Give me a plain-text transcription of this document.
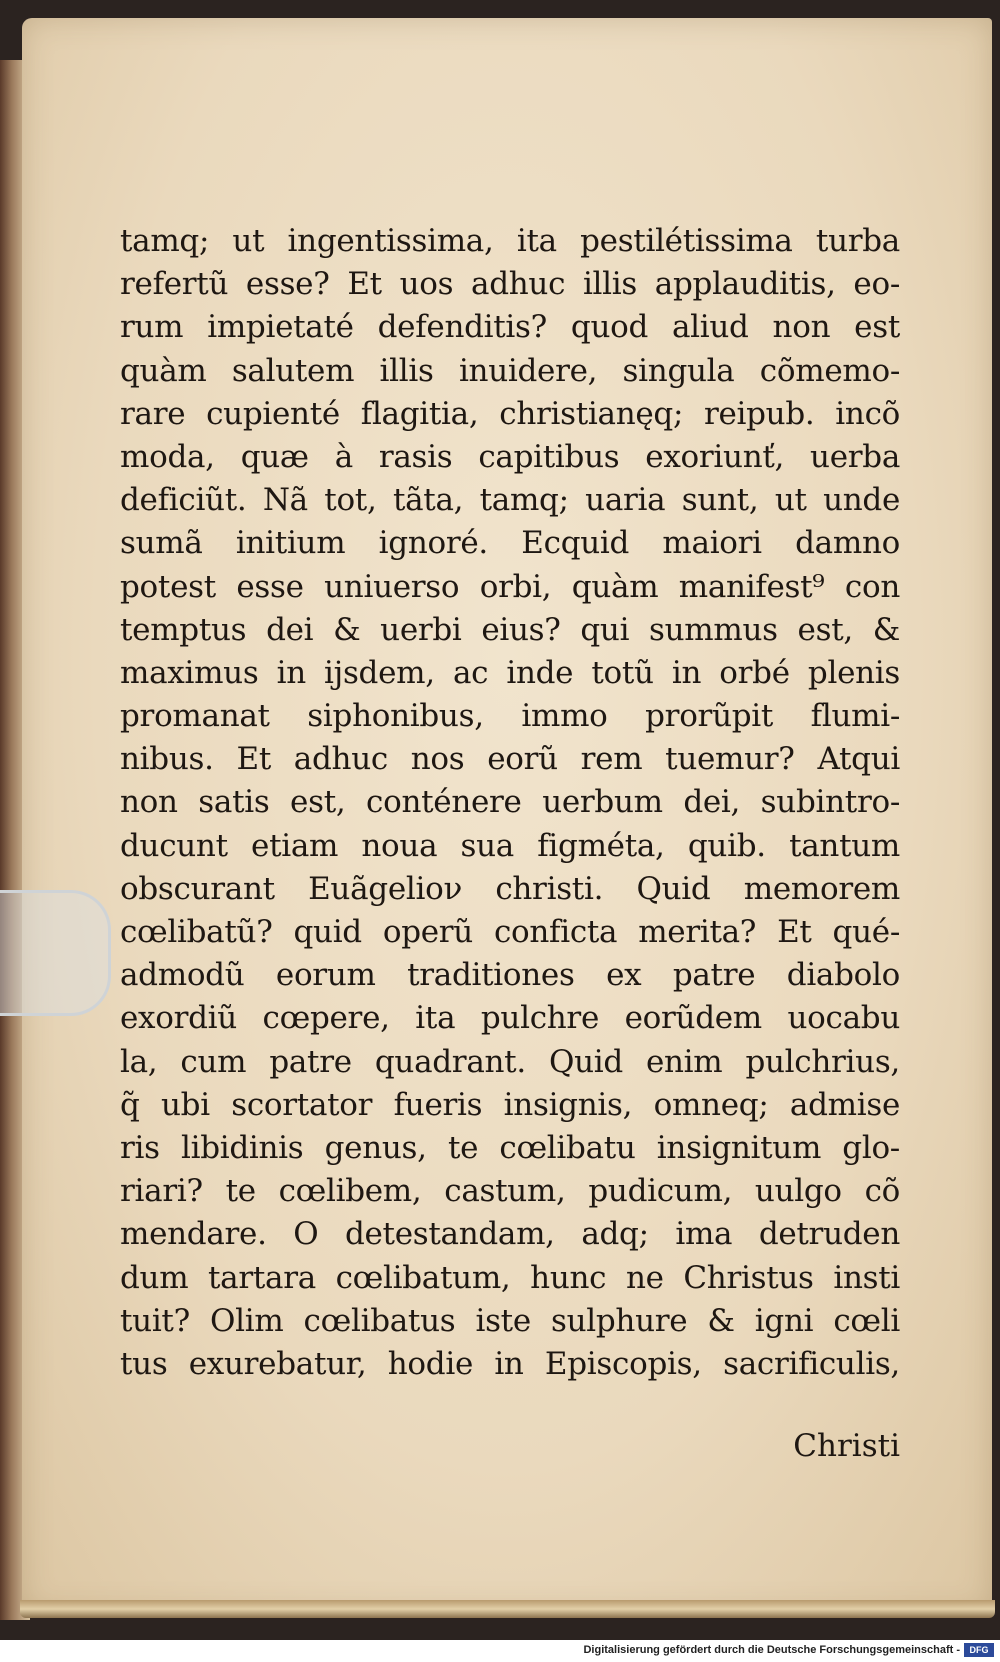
tamq; ut ingentissima, ita pestilétissima turba
refertũ esse? Et uos adhuc illis applauditis, eo-
rum impietaté defenditis? quod aliud non est
quàm salutem illis inuidere, singula cõmemo-
rare cupienté flagitia, christianęq; reipub. incõ
moda, quæ à rasis capitibus exoriunť, uerba
deficiũt. Nã tot, tãta, tamq; uaria sunt, ut unde
sumã initium ignoré. Ecquid maiori damno
potest esse uniuerso orbi, quàm manifest⁹ con
temptus dei & uerbi eius? qui summus est, &
maximus in ijsdem, ac inde totũ in orbé plenis
promanat siphonibus, immo prorũpit flumi-
nibus. Et adhuc nos eorũ rem tuemur? Atqui
non satis est, conténere uerbum dei, subintro-
ducunt etiam noua sua figméta, quib. tantum
obscurant Euãgelioν christi. Quid memorem
cœlibatũ? quid operũ conficta merita? Et qué-
admodũ eorum traditiones ex patre diabolo
exordiũ cœpere, ita pulchre eorũdem uocabu
la, cum patre quadrant. Quid enim pulchrius,
q̃ ubi scortator fueris insignis, omneq; admise
ris libidinis genus, te cœlibatu insignitum glo-
riari? te cœlibem, castum, pudicum, uulgo cõ
mendare. O detestandam, adq; ima detruden
dum tartara cœlibatum, hunc ne Christus insti
tuit? Olim cœlibatus iste sulphure & igni cœli
tus exurebatur, hodie in Episcopis, sacrificulis,
Christi
Digitalisierung gefördert durch die Deutsche Forschungsgemeinschaft -	DFG
